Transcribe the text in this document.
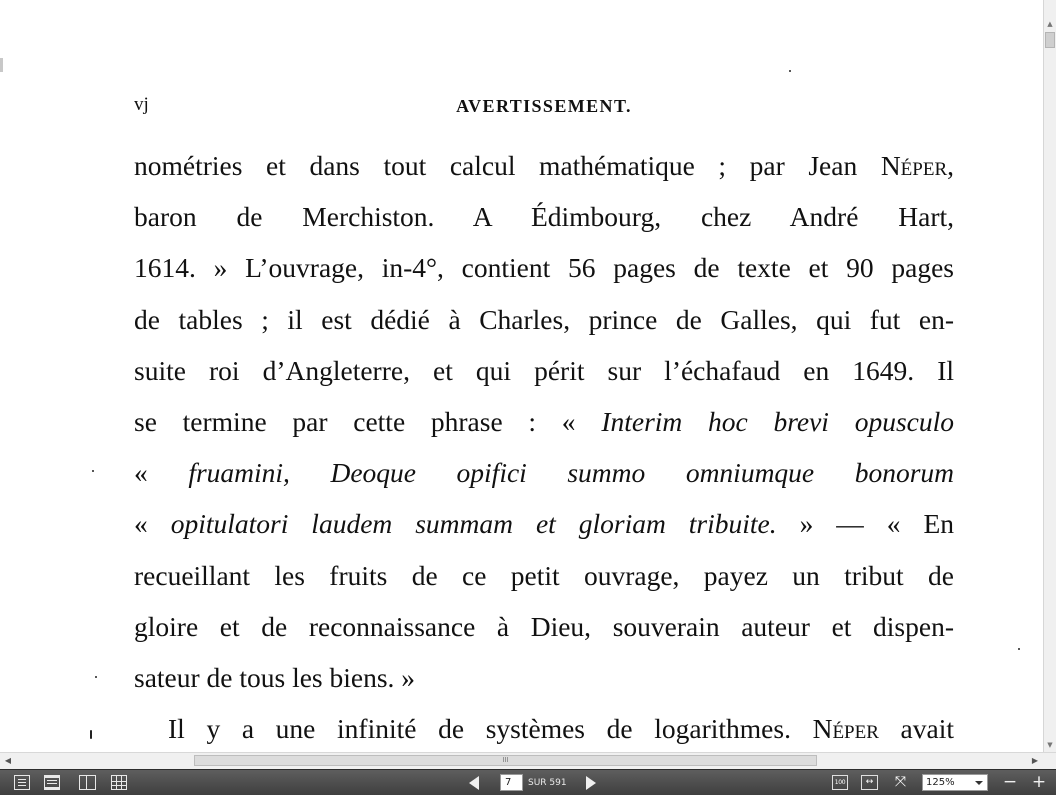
vj	AVERTISSEMENT.
nométries et dans tout calcul mathématique ; par Jean Néper,
baron de Merchiston. A Édimbourg, chez André Hart,
1614. » L’ouvrage, in-4°, contient 56 pages de texte et 90 pages
de tables ; il est dédié à Charles, prince de Galles, qui fut en-
suite roi d’Angleterre, et qui périt sur l’échafaud en 1649. Il
se termine par cette phrase : « Interim hoc brevi opusculo
« fruamini, Deoque opifici summo omniumque bonorum
« opitulatori laudem summam et gloriam tribuite. » — « En
recueillant les fruits de ce petit ouvrage, payez un tribut de
gloire et de reconnaissance à Dieu, souverain auteur et dispen-
sateur de tous les biens. »
Il y a une infinité de systèmes de logarithmes. Néper avait
▲
▼
◀	III	▶
7	SUR 591	100	↔	⤧	125%	− +
